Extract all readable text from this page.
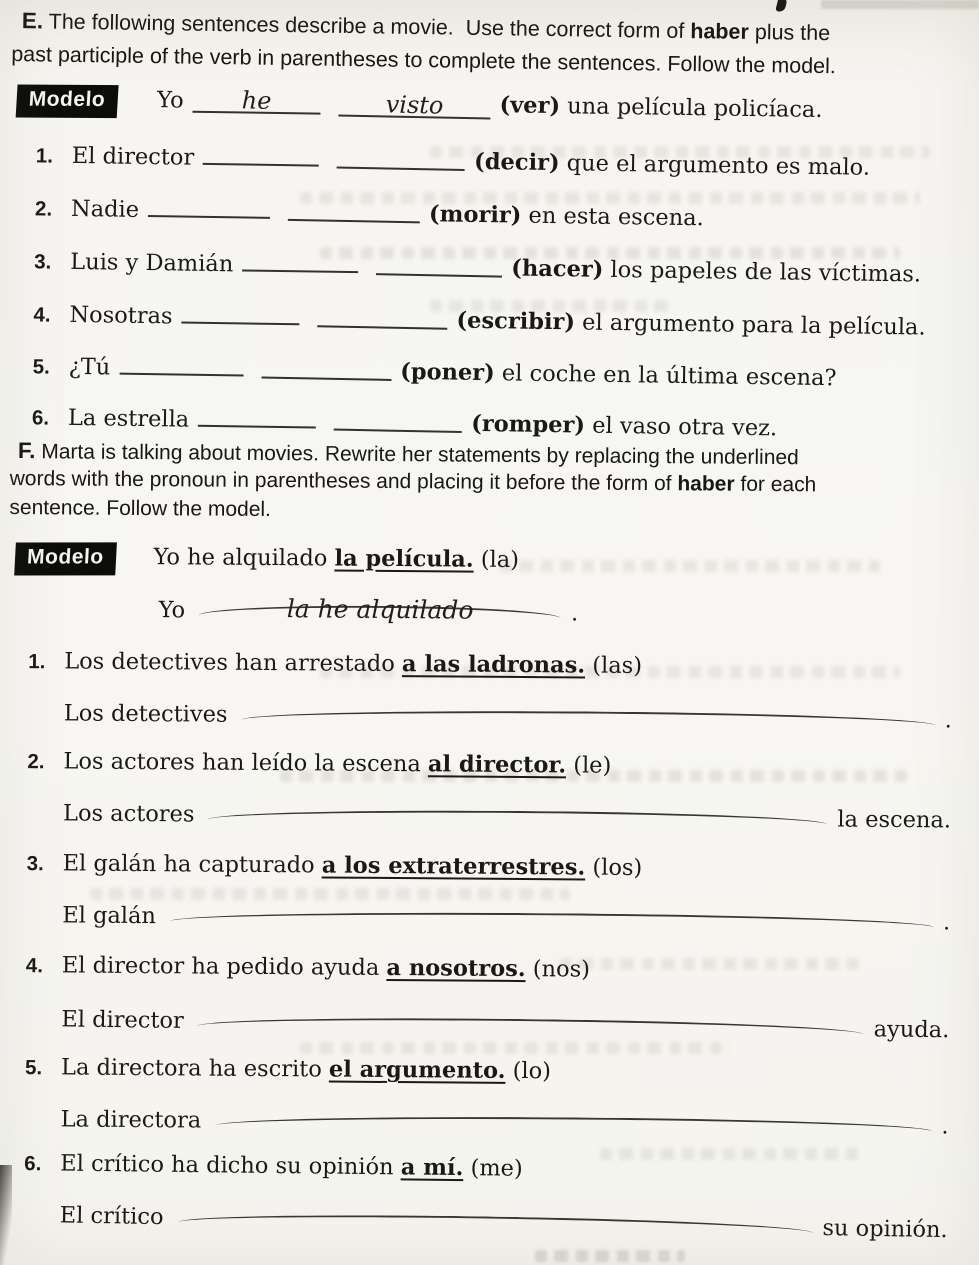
E. The following sentences describe a movie.  Use the correct form of haber plus the
past participle of the verb in parentheses to complete the sentences. Follow the model.
Modelo	Yo he	visto (ver) una película policíaca.
1. El director	(decir) que el argumento es malo.
2. Nadie	(morir) en esta escena.
3. Luis y Damián	(hacer) los papeles de las víctimas.
4. Nosotras	(escribir) el argumento para la película.
5. ¿Tú	(poner) el coche en la última escena?
6. La estrella	(romper) el vaso otra vez.
F. Marta is talking about movies. Rewrite her statements by replacing the underlined
words with the pronoun in parentheses and placing it before the form of haber for each
sentence. Follow the model.
Modelo	Yo he alquilado la película. (la)
Yo	la he alquilado	.
1. Los detectives han arrestado a las ladronas. (las)
Los detectives	.
2. Los actores han leído la escena al director. (le)
Los actores	la escena.
3. El galán ha capturado a los extraterrestres. (los)
El galán	.
4. El director ha pedido ayuda a nosotros. (nos)
El director	ayuda.
5. La directora ha escrito el argumento. (lo)
La directora	.
6. El crítico ha dicho su opinión a mí. (me)
El crítico	su opinión.
